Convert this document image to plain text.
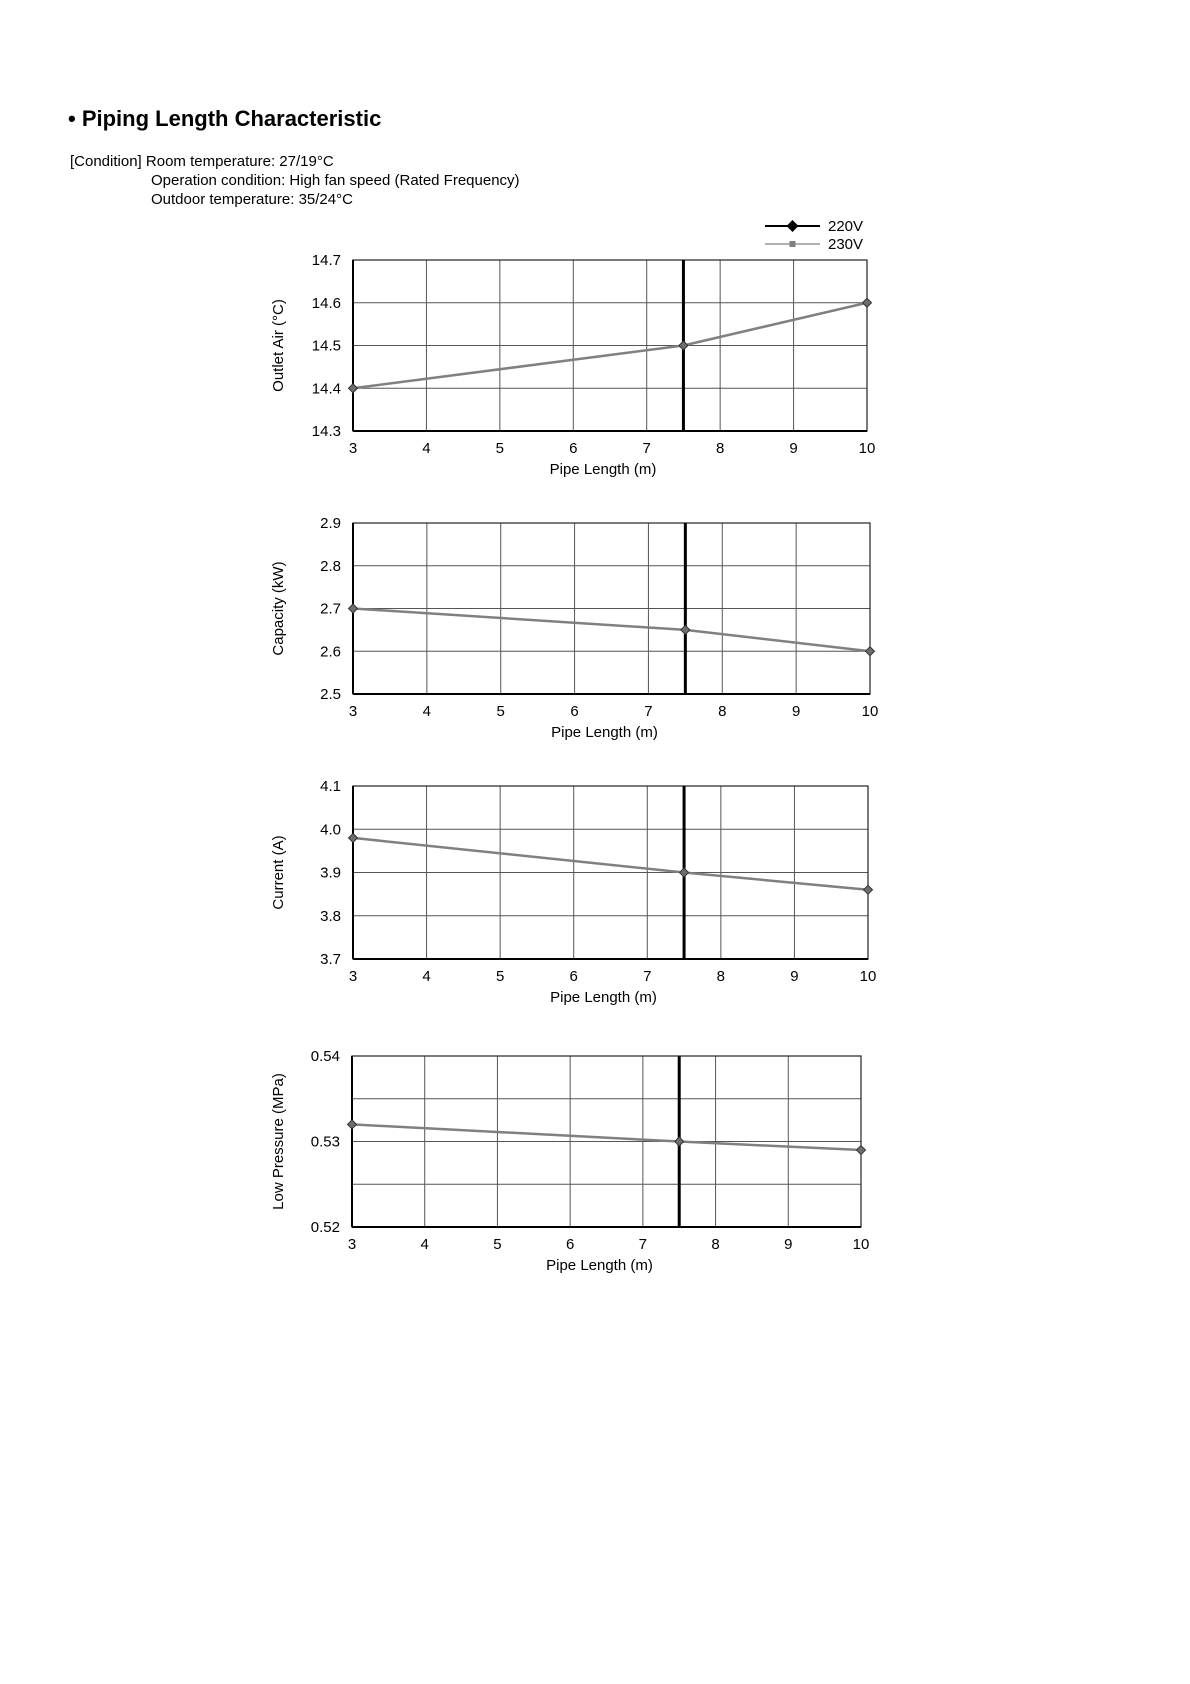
• Piping Length Characteristic
[Condition] Room temperature: 27/19°C
Operation condition: High fan speed (Rated Frequency)
Outdoor temperature: 35/24°C
220V
230V
3	4	5	6	7	8	9	10
14.3
14.4
14.5
14.6
14.7
Pipe Length (m)
Outlet Air (°C)
3	4	5	6	7	8	9	10
2.5
2.6
2.7
2.8
2.9
Pipe Length (m)
Capacity (kW)
3	4	5	6	7	8	9	10
3.7
3.8
3.9
4.0
4.1
Pipe Length (m)
Current (A)
3	4	5	6	7	8	9	10
0.52
0.53
0.54
Pipe Length (m)
Low Pressure (MPa)
